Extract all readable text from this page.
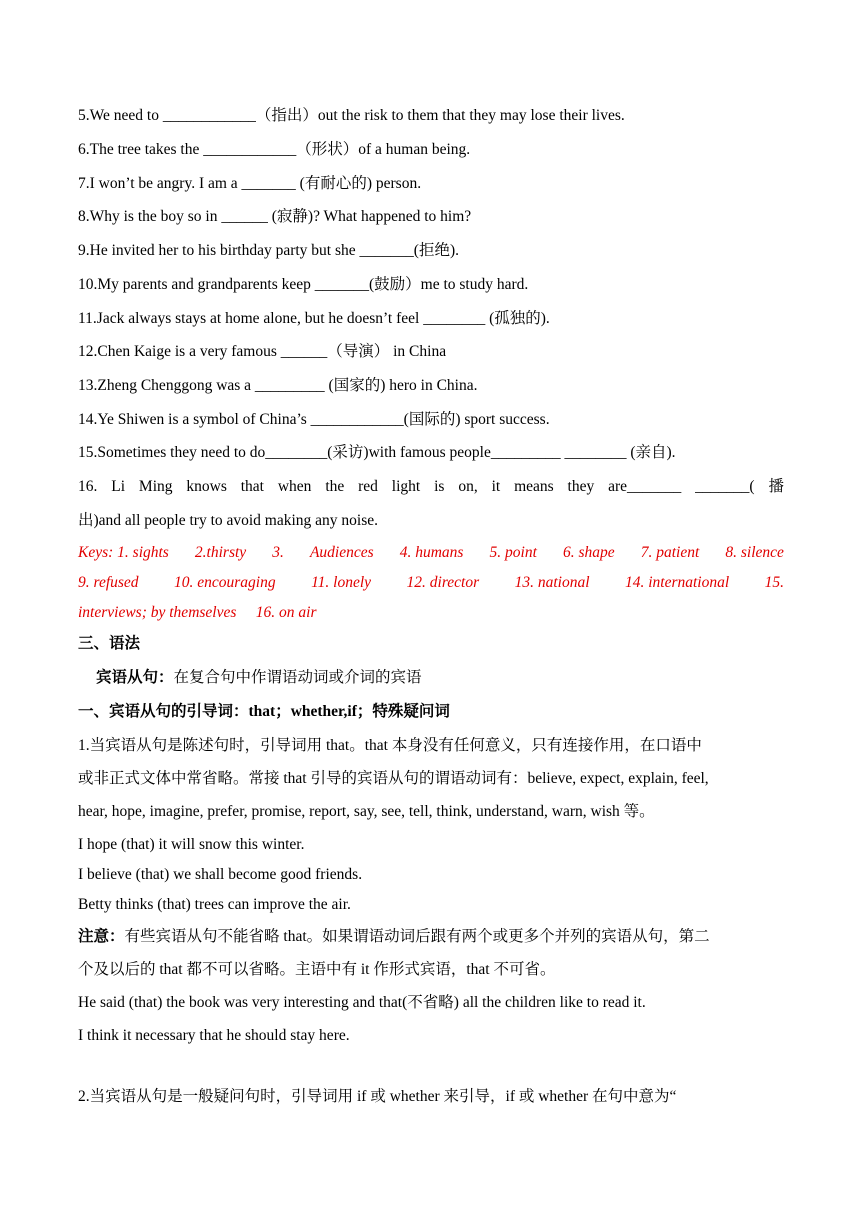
5.We need to ____________（指出）out the risk to them that they may lose their lives.
6.The tree takes the ____________（形状）of a human being.
7.I won’t be angry. I am a _______ (有耐心的) person.
8.Why is the boy so in ______ (寂静)? What happened to him?
9.He invited her to his birthday party but she _______(拒绝).
10.My parents and grandparents keep _______(鼓励）me to study hard.
11.Jack always stays at home alone, but he doesn’t feel ________ (孤独的).
12.Chen Kaige is a very famous ______（导演） in China
13.Zheng Chenggong was a _________ (国家的) hero in China.
14.Ye Shiwen is a symbol of China’s ____________(国际的) sport success.
15.Sometimes they need to do________(采访)with famous people_________ ________ (亲自).
16. Li Ming knows that when the red light is on, it means they are_______ _______( 播
出)and all people try to avoid making any noise.
Keys: 1. sights 2.thirsty 3. Audiences 4. humans 5. point 6. shape 7. patient 8. silence
9. refused 10. encouraging 11. lonely 12. director 13. national 14. international 15.
interviews; by themselves     16. on air
三、语法
宾语从句：在复合句中作谓语动词或介词的宾语
一、宾语从句的引导词：that；whether,if；特殊疑问词
1.当宾语从句是陈述句时，引导词用 that。that 本身没有任何意义，只有连接作用，在口语中
或非正式文体中常省略。常接 that 引导的宾语从句的谓语动词有：believe, expect, explain, feel,
hear, hope, imagine, prefer, promise, report, say, see, tell, think, understand, warn, wish 等。
I hope (that) it will snow this winter.
I believe (that) we shall become good friends.
Betty thinks (that) trees can improve the air.
注意：有些宾语从句不能省略 that。如果谓语动词后跟有两个或更多个并列的宾语从句，第二
个及以后的 that 都不可以省略。主语中有 it 作形式宾语，that 不可省。
He said (that) the book was very interesting and that(不省略) all the children like to read it.
I think it necessary that he should stay here.
2.当宾语从句是一般疑问句时，引导词用 if 或 whether 来引导，if 或 whether 在句中意为“
